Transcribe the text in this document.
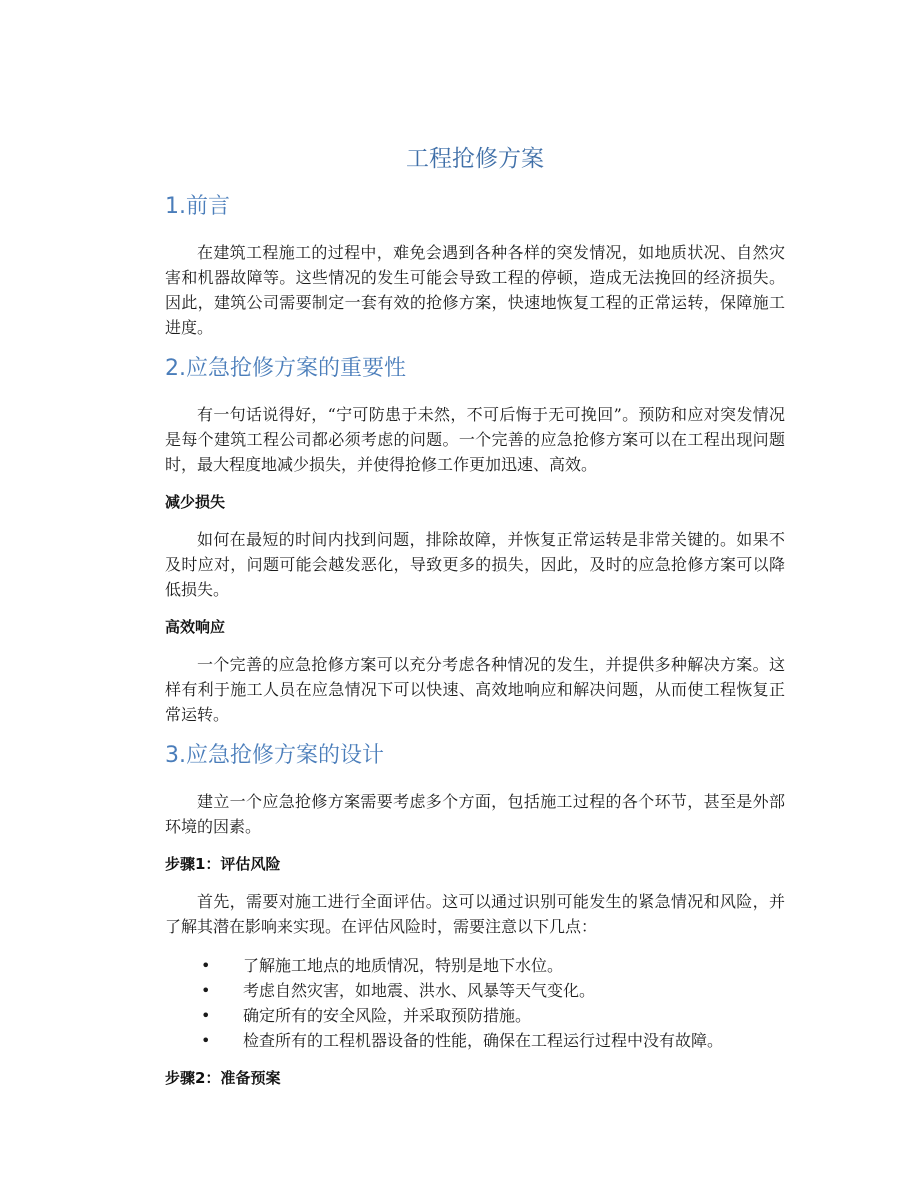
工程抢修方案
1.前言

在建筑工程施工的过程中，难免会遇到各种各样的突发情况，如地质状况、自然灾害和机器故障等。这些情况的发生可能会导致工程的停顿，造成无法挽回的经济损失。因此，建筑公司需要制定一套有效的抢修方案，快速地恢复工程的正常运转，保障施工进度。

2.应急抢修方案的重要性

有一句话说得好，“宁可防患于未然，不可后悔于无可挽回”。预防和应对突发情况是每个建筑工程公司都必须考虑的问题。一个完善的应急抢修方案可以在工程出现问题时，最大程度地减少损失，并使得抢修工作更加迅速、高效。

减少损失

如何在最短的时间内找到问题，排除故障，并恢复正常运转是非常关键的。如果不及时应对，问题可能会越发恶化，导致更多的损失，因此，及时的应急抢修方案可以降低损失。

高效响应

一个完善的应急抢修方案可以充分考虑各种情况的发生，并提供多种解决方案。这样有利于施工人员在应急情况下可以快速、高效地响应和解决问题，从而使工程恢复正常运转。

3.应急抢修方案的设计

建立一个应急抢修方案需要考虑多个方面，包括施工过程的各个环节，甚至是外部环境的因素。

步骤1：评估风险

首先，需要对施工进行全面评估。这可以通过识别可能发生的紧急情况和风险，并了解其潜在影响来实现。在评估风险时，需要注意以下几点：

• 了解施工地点的地质情况，特别是地下水位。
• 考虑自然灾害，如地震、洪水、风暴等天气变化。
• 确定所有的安全风险，并采取预防措施。
• 检查所有的工程机器设备的性能，确保在工程运行过程中没有故障。
步骤2：准备预案
